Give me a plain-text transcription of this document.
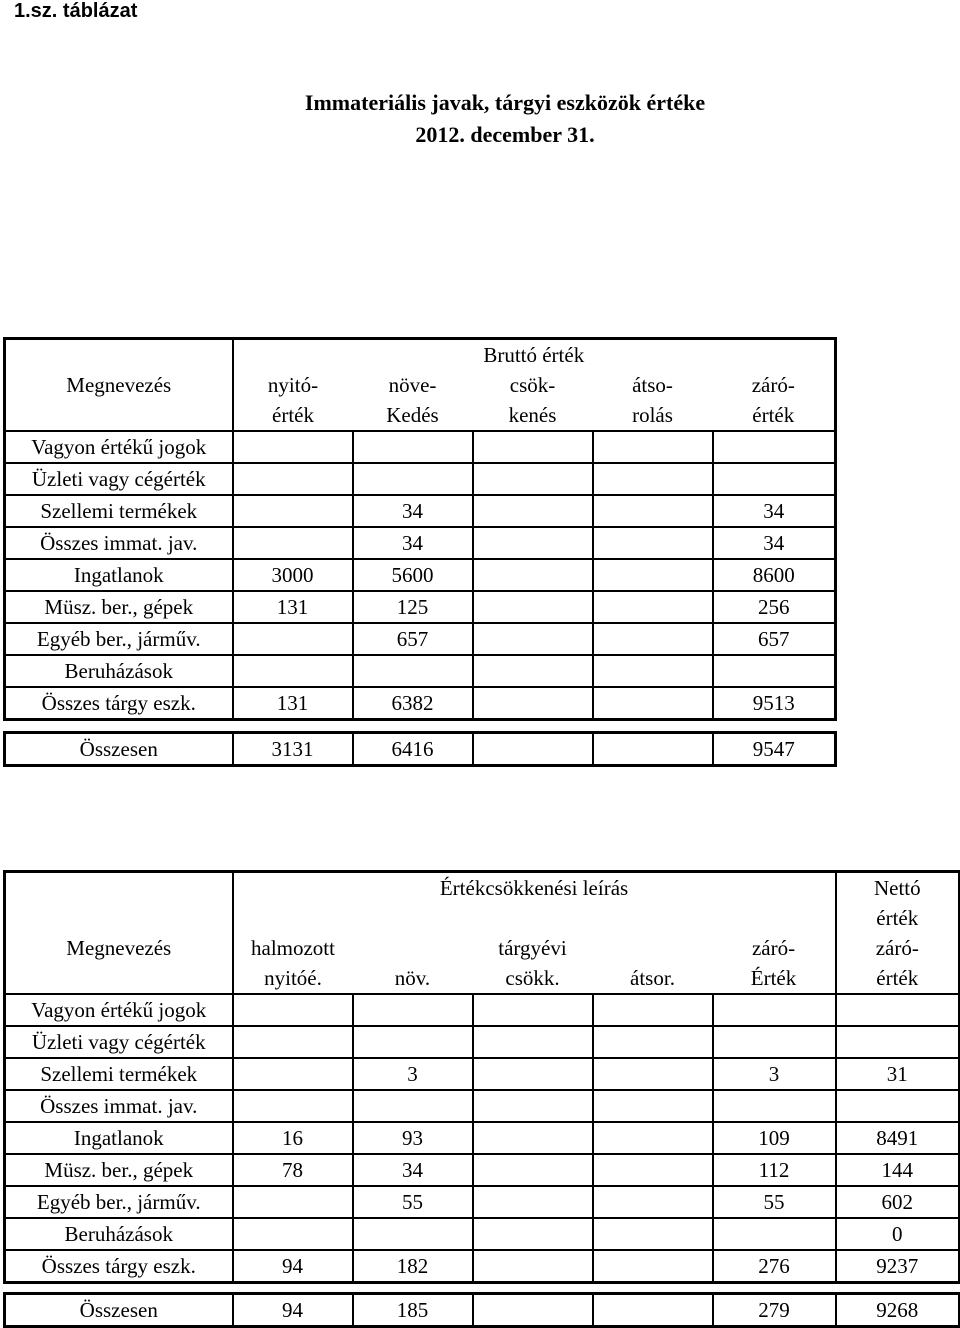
1.sz. táblázat
Immateriális javak, tárgyi eszközök értéke
2012. december 31.
	Bruttó érték				
Megnevezés	nyitó-	növe-	csök-	átso-	záró-
	érték	Kedés	kenés	rolás	érték
Vagyon értékű jogok					
Üzleti vagy cégérték					
Szellemi termékek		34			34
Összes immat. jav.		34			34
Ingatlanok	3000	5600			8600
Müsz. ber., gépek	131	125			256
Egyéb ber., járműv.		657			657
Beruházások					
Összes tárgy eszk.	131	6382			9513
Összesen	3131	6416			9547
	Értékcsökkenési leírás					Nettó
						érték
Megnevezés	halmozott	tárgyévi			záró-	záró-
	nyitóé.	növ.	csökk.	átsor.	Érték	érték
Vagyon értékű jogok						
Üzleti vagy cégérték						
Szellemi termékek		3			3	31
Összes immat. jav.						
Ingatlanok	16	93			109	8491
Müsz. ber., gépek	78	34			112	144
Egyéb ber., járműv.		55			55	602
Beruházások						0
Összes tárgy eszk.	94	182			276	9237
Összesen	94	185			279	9268
